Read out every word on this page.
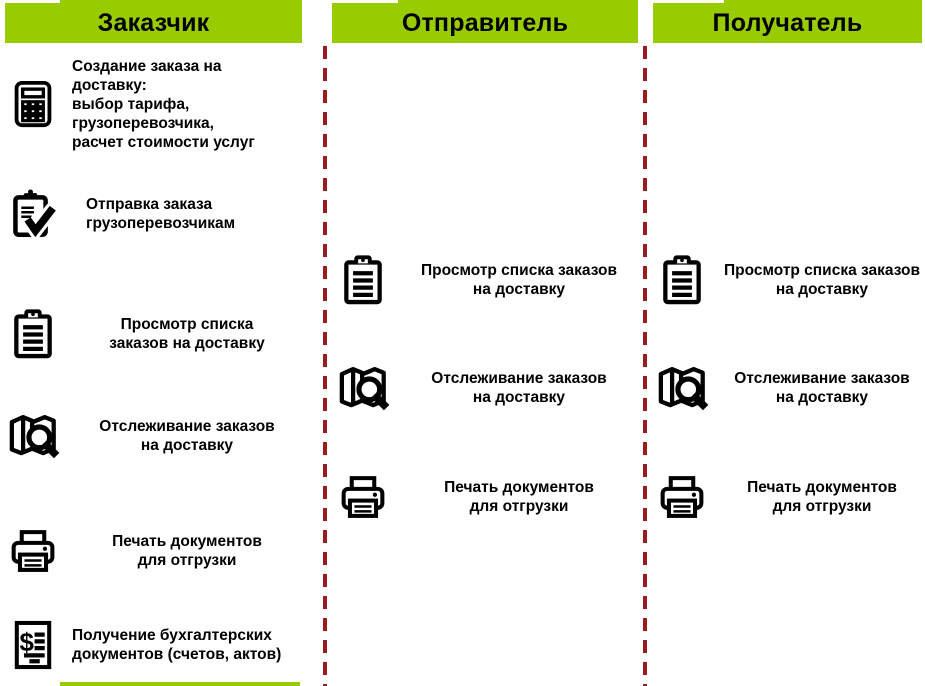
Заказчик	Отправитель	Получатель
Создание заказа на
доставку:
выбор тарифа,
грузоперевозчика,
расчет стоимости услуг
Отправка заказа
грузоперевозчикам
Просмотр списка
заказов на доставку
Отслеживание заказов
на доставку
Печать документов
для отгрузки
Получение бухгалтерских
документов (счетов, актов)
Просмотр списка заказов
на доставку
Отслеживание заказов
на доставку
Печать документов
для отгрузки
Просмотр списка заказов
на доставку
Отслеживание заказов
на доставку
Печать документов
для отгрузки
